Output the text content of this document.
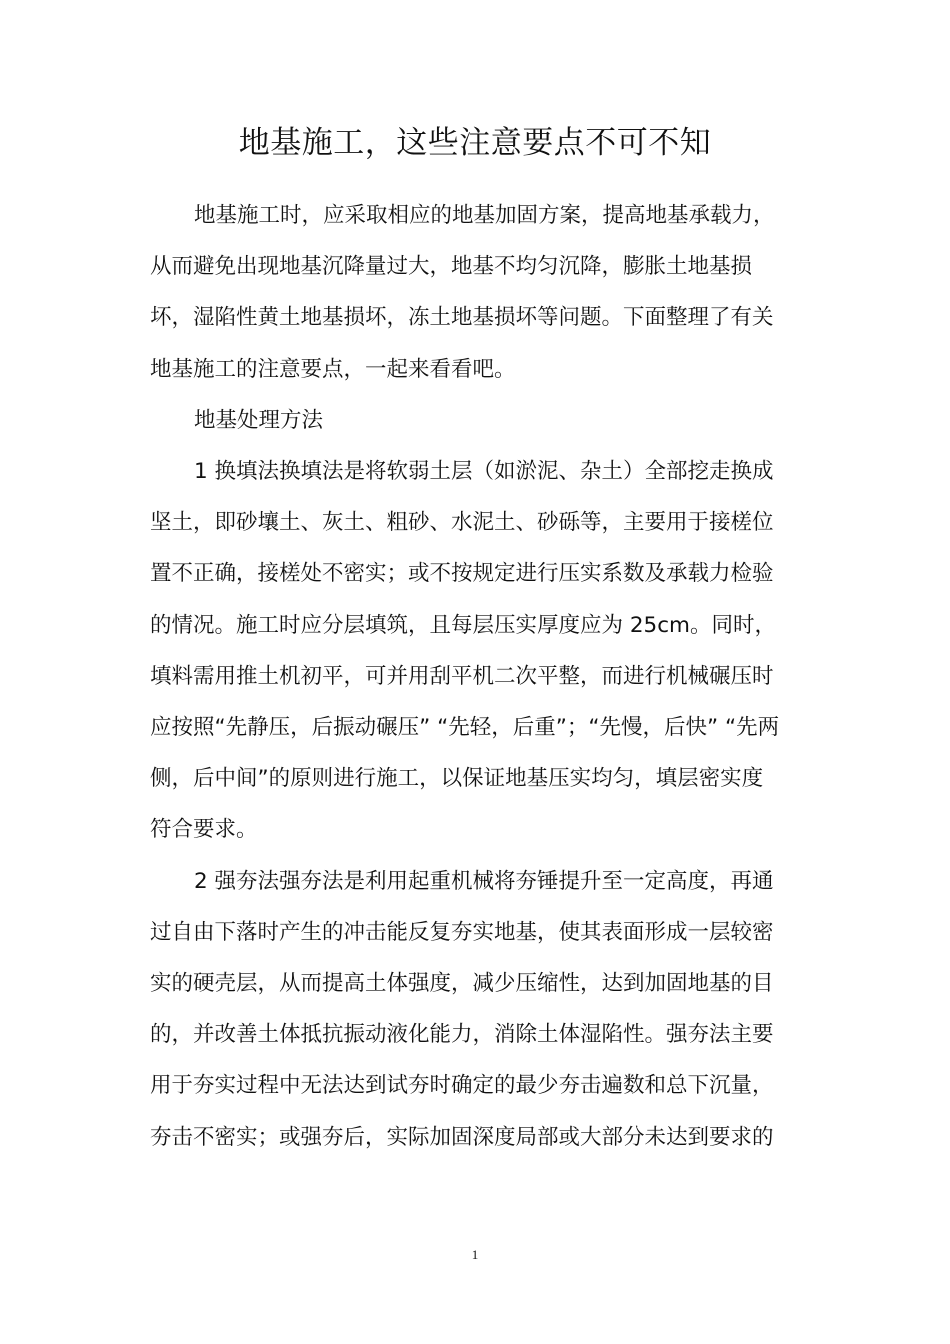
地基施工，这些注意要点不可不知

地基施工时，应采取相应的地基加固方案，提高地基承载力，
从而避免出现地基沉降量过大，地基不均匀沉降，膨胀土地基损
坏，湿陷性黄土地基损坏，冻土地基损坏等问题。下面整理了有关
地基施工的注意要点，一起来看看吧。

地基处理方法

1 换填法换填法是将软弱土层（如淤泥、杂土）全部挖走换成
坚土，即砂壤土、灰土、粗砂、水泥土、砂砾等，主要用于接槎位
置不正确，接槎处不密实；或不按规定进行压实系数及承载力检验
的情况。施工时应分层填筑，且每层压实厚度应为 25cm。同时，
填料需用推土机初平，可并用刮平机二次平整，而进行机械碾压时
应按照“先静压，后振动碾压” “先轻，后重”；“先慢，后快” “先两
侧，后中间”的原则进行施工，以保证地基压实均匀，填层密实度
符合要求。

2 强夯法强夯法是利用起重机械将夯锤提升至一定高度，再通
过自由下落时产生的冲击能反复夯实地基，使其表面形成一层较密
实的硬壳层，从而提高土体强度，减少压缩性，达到加固地基的目
的，并改善土体抵抗振动液化能力，消除土体湿陷性。强夯法主要
用于夯实过程中无法达到试夯时确定的最少夯击遍数和总下沉量，
夯击不密实；或强夯后，实际加固深度局部或大部分未达到要求的

1
